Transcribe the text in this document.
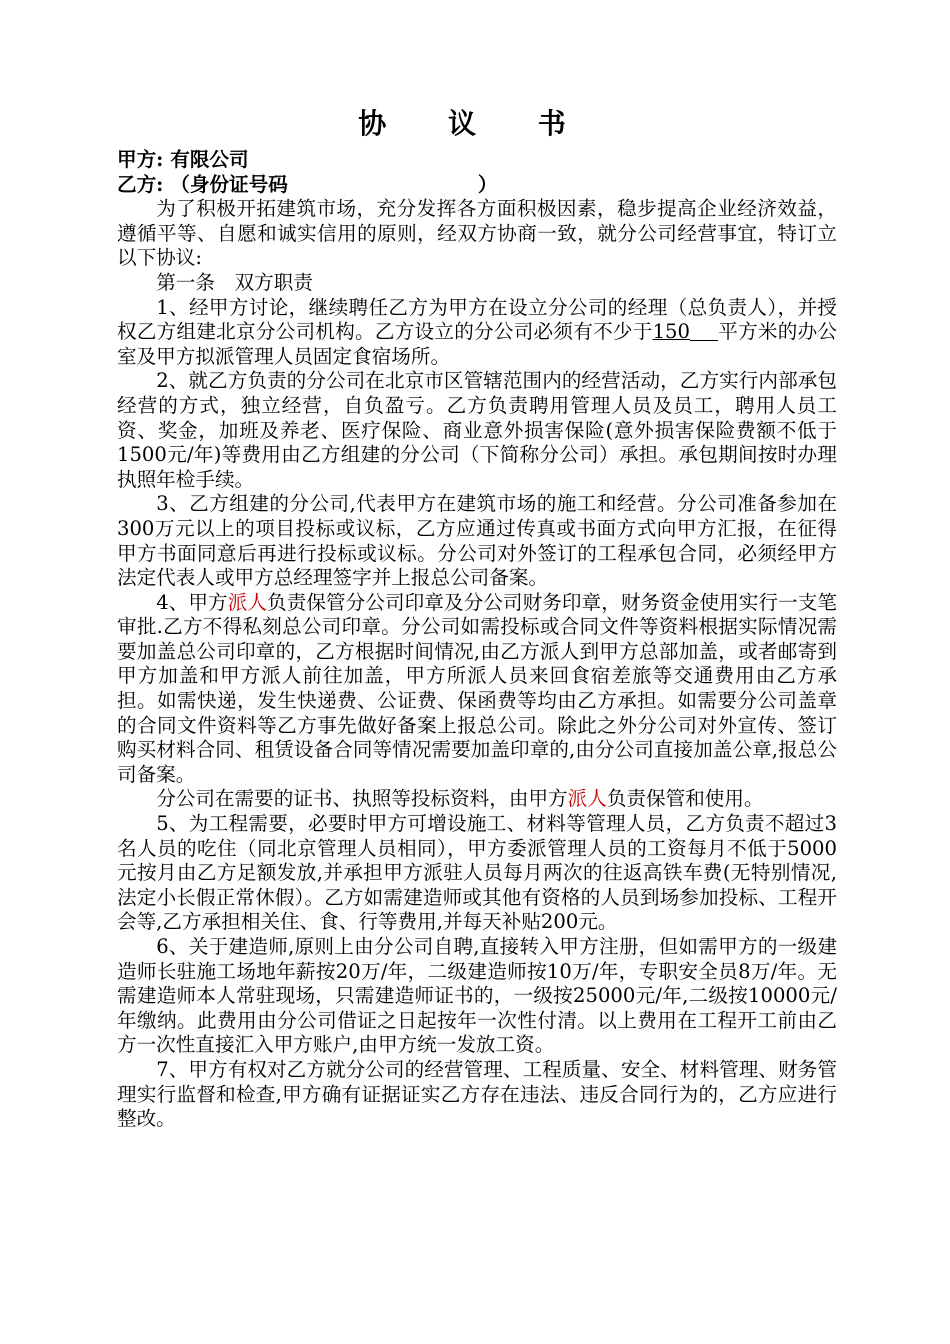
协 议 书

甲方: 有限公司

乙方: （身份证号码	）

为了积极开拓建筑市场，充分发挥各方面积极因素，稳步提高企业经济效益，遵循平等、自愿和诚实信用的原则，经双方协商一致，就分公司经营事宜，特订立以下协议:

第一条　双方职责

1、经甲方讨论，继续聘任乙方为甲方在设立分公司的经理（总负责人），并授权乙方组建北京分公司机构。乙方设立的分公司必须有不少于150 平方米的办公室及甲方拟派管理人员固定食宿场所。

2、就乙方负责的分公司在北京市区管辖范围内的经营活动，乙方实行内部承包经营的方式，独立经营，自负盈亏。乙方负责聘用管理人员及员工，聘用人员工资、奖金，加班及养老、医疗保险、商业意外损害保险(意外损害保险费额不低于1500元/年)等费用由乙方组建的分公司（下简称分公司）承担。承包期间按时办理执照年检手续。

3、乙方组建的分公司,代表甲方在建筑市场的施工和经营。分公司准备参加在300万元以上的项目投标或议标，乙方应通过传真或书面方式向甲方汇报，在征得甲方书面同意后再进行投标或议标。分公司对外签订的工程承包合同，必须经甲方法定代表人或甲方总经理签字并上报总公司备案。

4、甲方派人负责保管分公司印章及分公司财务印章，财务资金使用实行一支笔审批.乙方不得私刻总公司印章。分公司如需投标或合同文件等资料根据实际情况需要加盖总公司印章的，乙方根据时间情况,由乙方派人到甲方总部加盖，或者邮寄到甲方加盖和甲方派人前往加盖，甲方所派人员来回食宿差旅等交通费用由乙方承担。如需快递，发生快递费、公证费、保函费等均由乙方承担。如需要分公司盖章的合同文件资料等乙方事先做好备案上报总公司。除此之外分公司对外宣传、签订购买材料合同、租赁设备合同等情况需要加盖印章的,由分公司直接加盖公章,报总公司备案。

分公司在需要的证书、执照等投标资料，由甲方派人负责保管和使用。

5、为工程需要，必要时甲方可增设施工、材料等管理人员，乙方负责不超过3名人员的吃住（同北京管理人员相同），甲方委派管理人员的工资每月不低于5000元按月由乙方足额发放,并承担甲方派驻人员每月两次的往返高铁车费(无特别情况,法定小长假正常休假）。乙方如需建造师或其他有资格的人员到场参加投标、工程开会等,乙方承担相关住、食、行等费用,并每天补贴200元。

6、关于建造师,原则上由分公司自聘,直接转入甲方注册，但如需甲方的一级建造师长驻施工场地年薪按20万/年，二级建造师按10万/年，专职安全员8万/年。无需建造师本人常驻现场，只需建造师证书的，一级按25000元/年,二级按10000元/年缴纳。此费用由分公司借证之日起按年一次性付清。以上费用在工程开工前由乙方一次性直接汇入甲方账户,由甲方统一发放工资。

7、甲方有权对乙方就分公司的经营管理、工程质量、安全、材料管理、财务管理实行监督和检查,甲方确有证据证实乙方存在违法、违反合同行为的，乙方应进行整改。
